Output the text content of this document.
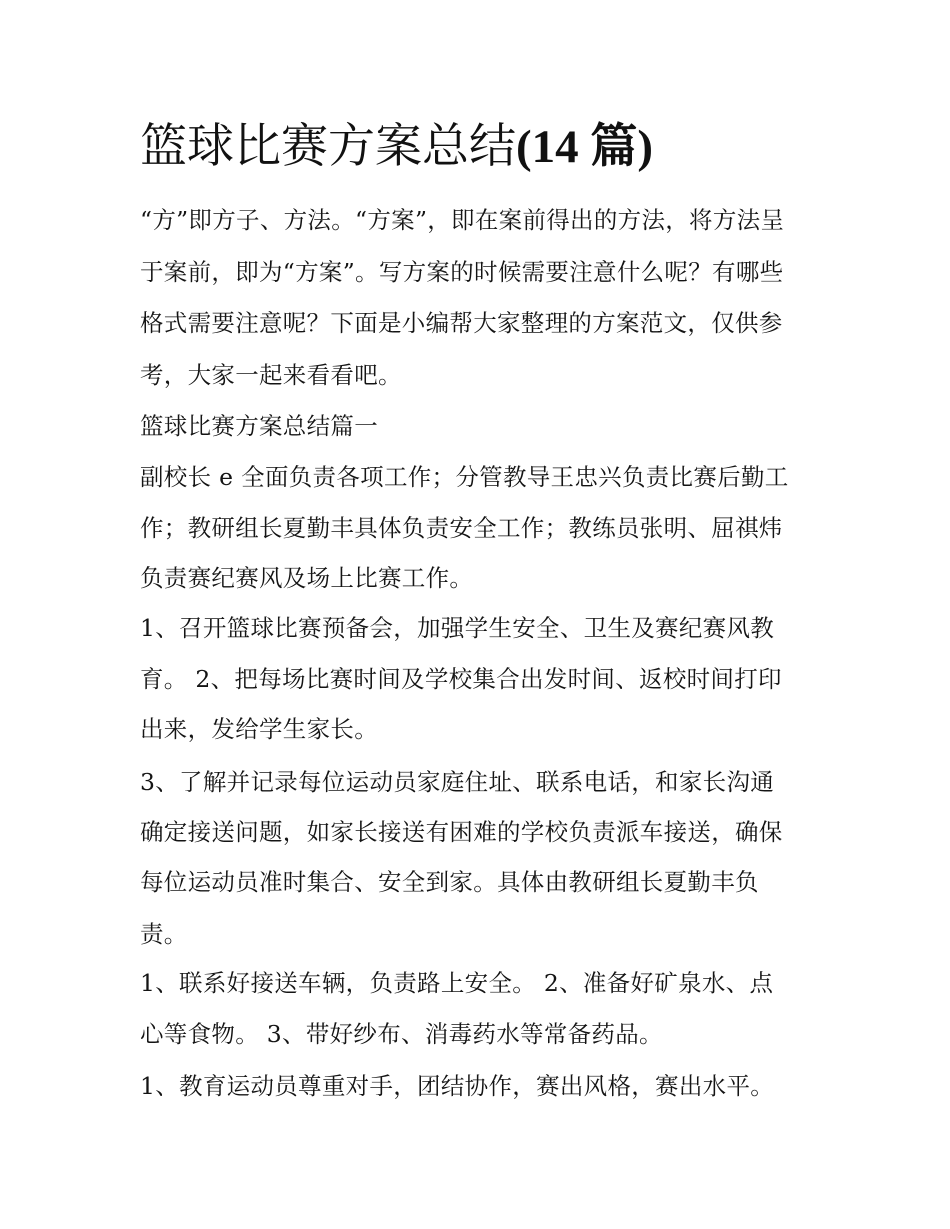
篮球比赛方案总结(14 篇)
“方”即方子、方法。“方案”，即在案前得出的方法，将方法呈
于案前，即为“方案”。写方案的时候需要注意什么呢？有哪些
格式需要注意呢？下面是小编帮大家整理的方案范文，仅供参
考，大家一起来看看吧。
篮球比赛方案总结篇一
副校长 e 全面负责各项工作；分管教导王忠兴负责比赛后勤工
作；教研组长夏勤丰具体负责安全工作；教练员张明、屈祺炜
负责赛纪赛风及场上比赛工作。
1、召开篮球比赛预备会，加强学生安全、卫生及赛纪赛风教
育。 2、把每场比赛时间及学校集合出发时间、返校时间打印
出来，发给学生家长。
3、了解并记录每位运动员家庭住址、联系电话，和家长沟通
确定接送问题，如家长接送有困难的学校负责派车接送，确保
每位运动员准时集合、安全到家。具体由教研组长夏勤丰负
责。
1、联系好接送车辆，负责路上安全。 2、准备好矿泉水、点
心等食物。 3、带好纱布、消毒药水等常备药品。
1、教育运动员尊重对手，团结协作，赛出风格，赛出水平。
